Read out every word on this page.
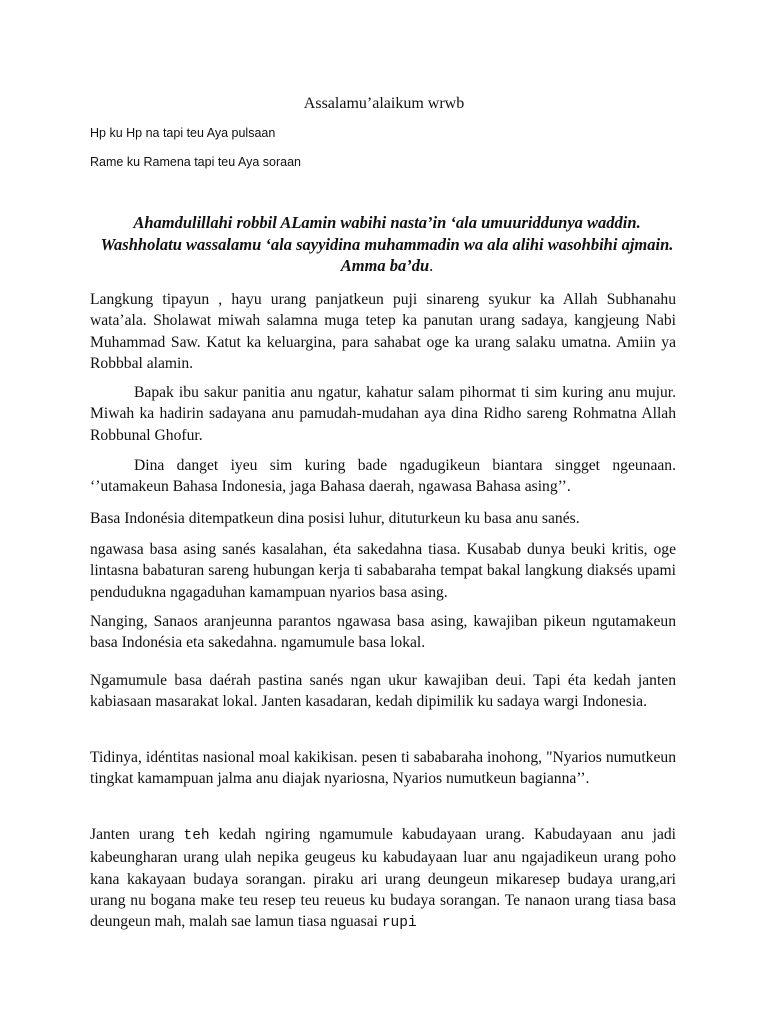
Assalamu’alaikum wrwb
Hp ku Hp na tapi teu Aya pulsaan
Rame ku Ramena tapi teu Aya soraan
Ahamdulillahi robbil ALamin wabihi nasta’in ‘ala umuuriddunya waddin. Washholatu wassalamu ‘ala sayyidina muhammadin wa ala alihi wasohbihi ajmain. Amma ba’du.
Langkung tipayun , hayu urang panjatkeun puji sinareng syukur ka Allah Subhanahu wata’ala. Sholawat miwah salamna muga tetep ka panutan urang sadaya, kangjeung Nabi Muhammad Saw. Katut ka keluargina, para sahabat oge ka urang salaku umatna. Amiin ya Robbbal alamin.
Bapak ibu sakur panitia anu ngatur, kahatur salam pihormat ti sim kuring anu mujur. Miwah ka hadirin sadayana anu pamudah-mudahan aya dina Ridho sareng Rohmatna Allah Robbunal Ghofur.
Dina danget iyeu sim kuring bade ngadugikeun biantara singget ngeunaan. ‘’utamakeun Bahasa Indonesia, jaga Bahasa daerah, ngawasa Bahasa asing’’.
Basa Indonésia ditempatkeun dina posisi luhur, dituturkeun ku basa anu sanés.
ngawasa basa asing sanés kasalahan, éta sakedahna tiasa. Kusabab dunya beuki kritis, oge lintasna babaturan sareng hubungan kerja ti sababaraha tempat bakal langkung diaksés upami pendudukna ngagaduhan kamampuan nyarios basa asing.
Nanging, Sanaos aranjeunna parantos ngawasa basa asing, kawajiban pikeun ngutamakeun basa Indonésia eta sakedahna. ngamumule basa lokal.
Ngamumule basa daérah pastina sanés ngan ukur kawajiban deui. Tapi éta kedah janten kabiasaan masarakat lokal. Janten kasadaran, kedah dipimilik ku sadaya wargi Indonesia.
Tidinya, idéntitas nasional moal kakikisan. pesen ti sababaraha inohong, "Nyarios numutkeun tingkat kamampuan jalma anu diajak nyariosna, Nyarios numutkeun bagianna’’.
Janten urang teh kedah ngiring ngamumule kabudayaan urang. Kabudayaan anu jadi kabeungharan urang ulah nepika geugeus ku kabudayaan luar anu ngajadikeun urang poho kana kakayaan budaya sorangan. piraku ari urang deungeun mikaresep budaya urang,ari urang nu bogana make teu resep teu reueus ku budaya sorangan. Te nanaon urang tiasa basa deungeun mah, malah sae lamun tiasa nguasai rupi
